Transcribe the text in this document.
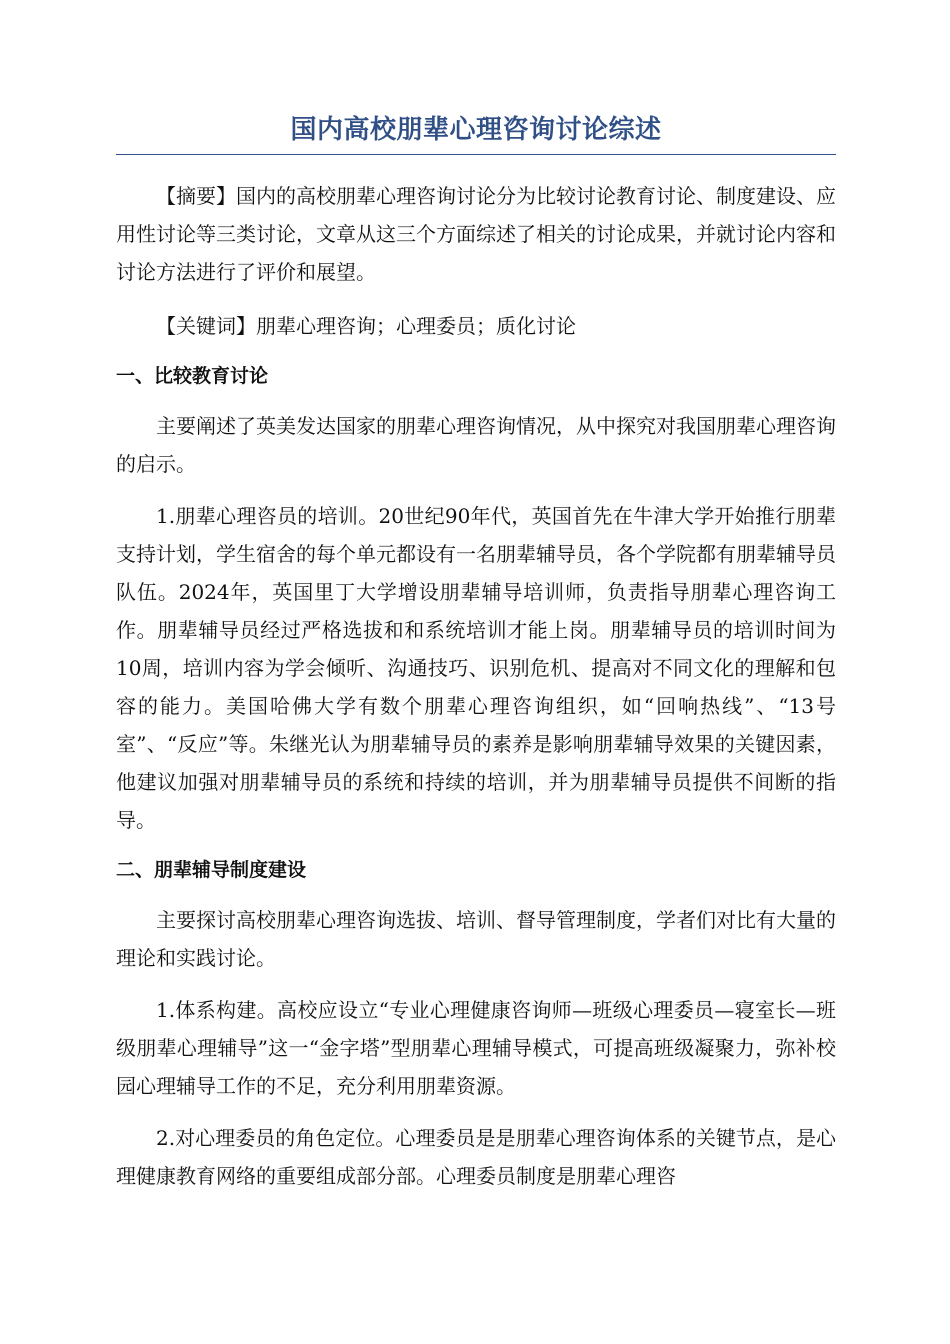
国内高校朋辈心理咨询讨论综述

【摘要】国内的高校朋辈心理咨询讨论分为比较讨论教育讨论、制度建设、应用性讨论等三类讨论，文章从这三个方面综述了相关的讨论成果，并就讨论内容和讨论方法进行了评价和展望。

【关键词】朋辈心理咨询；心理委员；质化讨论

一、比较教育讨论

主要阐述了英美发达国家的朋辈心理咨询情况，从中探究对我国朋辈心理咨询的启示。

1.朋辈心理咨员的培训。20世纪90年代，英国首先在牛津大学开始推行朋辈支持计划，学生宿舍的每个单元都设有一名朋辈辅导员，各个学院都有朋辈辅导员队伍。2024年，英国里丁大学增设朋辈辅导培训师，负责指导朋辈心理咨询工作。朋辈辅导员经过严格选拔和和系统培训才能上岗。朋辈辅导员的培训时间为10周，培训内容为学会倾听、沟通技巧、识别危机、提高对不同文化的理解和包容的能力。美国哈佛大学有数个朋辈心理咨询组织，如“回响热线”、“13号室”、“反应”等。朱继光认为朋辈辅导员的素养是影响朋辈辅导效果的关键因素，他建议加强对朋辈辅导员的系统和持续的培训，并为朋辈辅导员提供不间断的指导。

二、朋辈辅导制度建设

主要探讨高校朋辈心理咨询选拔、培训、督导管理制度，学者们对比有大量的理论和实践讨论。

1.体系构建。高校应设立“专业心理健康咨询师—班级心理委员—寝室长—班级朋辈心理辅导”这一“金字塔”型朋辈心理辅导模式，可提高班级凝聚力，弥补校园心理辅导工作的不足，充分利用朋辈资源。

2.对心理委员的角色定位。心理委员是是朋辈心理咨询体系的关键节点，是心理健康教育网络的重要组成部分部。心理委员制度是朋辈心理咨
